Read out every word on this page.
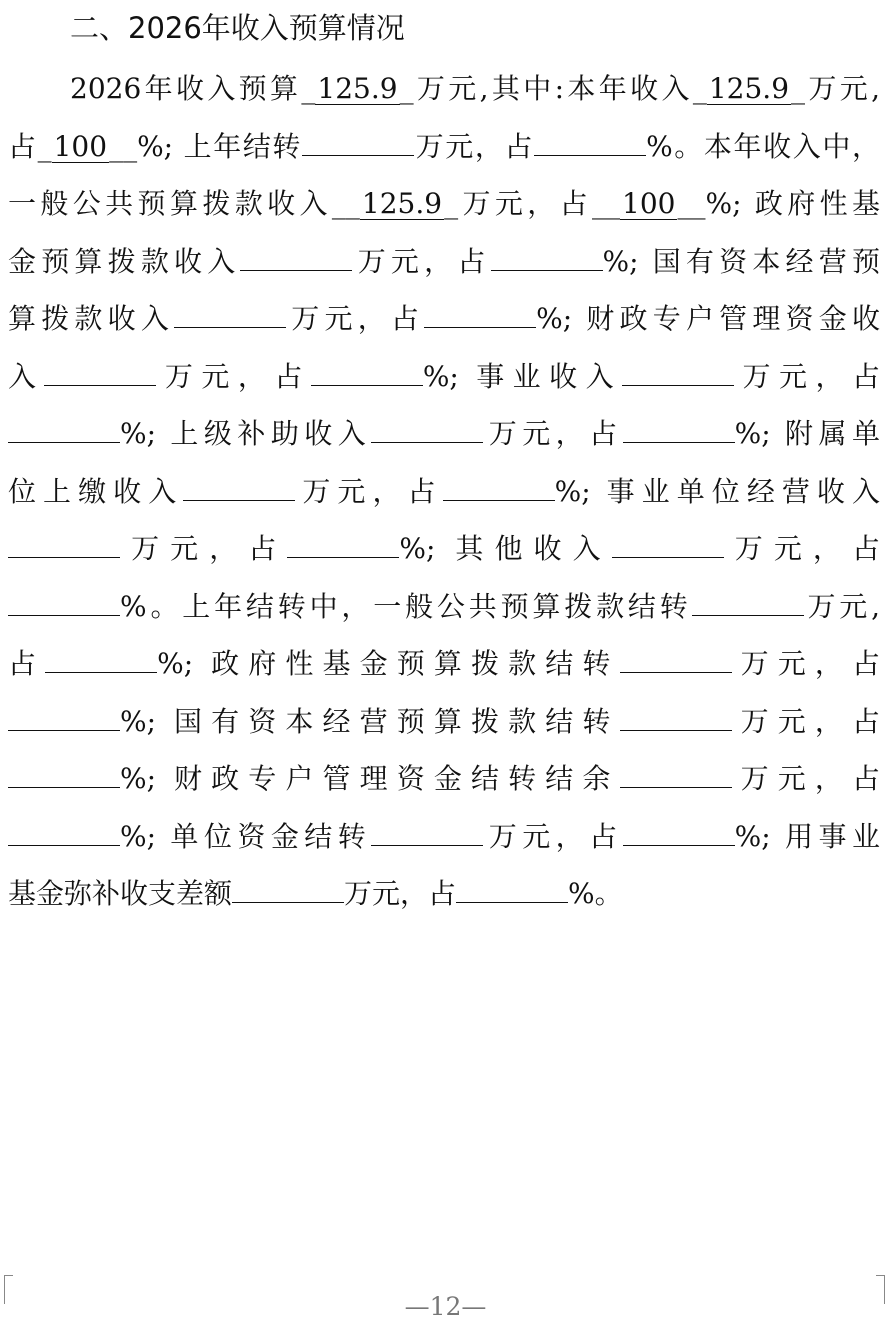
二、2026年收入预算情况
2026年收入预算_125.9_万元,其中:本年收入_125.9_万元,
占_100__%; 上年结转	万元，占	%。本年收入中，
一般公共预算拨款收入__125.9_万元，占__100__%; 政府性基
金预算拨款收入	万元，占	%; 国有资本经营预
算拨款收入	万元，占	%; 财政专户管理资金收
入	万元，占	%; 事业收入	万元，占
%; 上级补助收入	万元，占	%; 附属单
位上缴收入	万元，占	%; 事业单位经营收入
万元，占	%; 其他收入	万元，占
%。上年结转中，一般公共预算拨款结转	万元,
占	%; 政府性基金预算拨款结转	万元，占
%; 国有资本经营预算拨款结转	万元，占
%; 财政专户管理资金结转结余	万元，占
%; 单位资金结转	万元，占	%; 用事业
基金弥补收支差额	万元，占	%。
—12—
